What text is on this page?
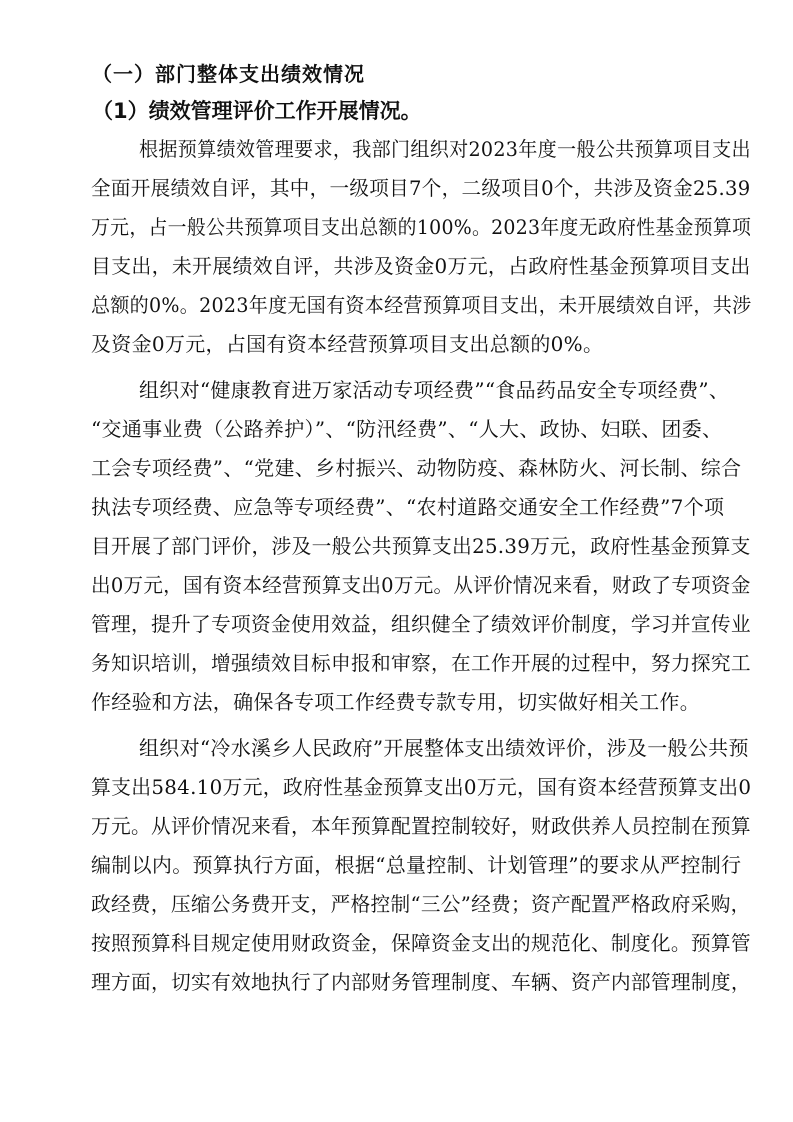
（一）部门整体支出绩效情况
（1）绩效管理评价工作开展情况。
根据预算绩效管理要求，我部门组织对2023年度一般公共预算项目支出
全面开展绩效自评，其中，一级项目7个，二级项目0个，共涉及资金25.39
万元，占一般公共预算项目支出总额的100%。2023年度无政府性基金预算项
目支出，未开展绩效自评，共涉及资金0万元，占政府性基金预算项目支出
总额的0%。2023年度无国有资本经营预算项目支出，未开展绩效自评，共涉
及资金0万元，占国有资本经营预算项目支出总额的0%。
组织对“健康教育进万家活动专项经费”“食品药品安全专项经费”、
“交通事业费（公路养护）”、“防汛经费”、“人大、政协、妇联、团委、
工会专项经费”、“党建、乡村振兴、动物防疫、森林防火、河长制、综合
执法专项经费、应急等专项经费”、“农村道路交通安全工作经费”7个项
目开展了部门评价，涉及一般公共预算支出25.39万元，政府性基金预算支
出0万元，国有资本经营预算支出0万元。从评价情况来看，财政了专项资金
管理，提升了专项资金使用效益，组织健全了绩效评价制度，学习并宣传业
务知识培训，增强绩效目标申报和审察，在工作开展的过程中，努力探究工
作经验和方法，确保各专项工作经费专款专用，切实做好相关工作。
组织对“冷水溪乡人民政府”开展整体支出绩效评价，涉及一般公共预
算支出584.10万元，政府性基金预算支出0万元，国有资本经营预算支出0
万元。从评价情况来看，本年预算配置控制较好，财政供养人员控制在预算
编制以内。预算执行方面，根据“总量控制、计划管理”的要求从严控制行
政经费，压缩公务费开支，严格控制“三公”经费；资产配置严格政府采购，
按照预算科目规定使用财政资金，保障资金支出的规范化、制度化。预算管
理方面，切实有效地执行了内部财务管理制度、车辆、资产内部管理制度，
